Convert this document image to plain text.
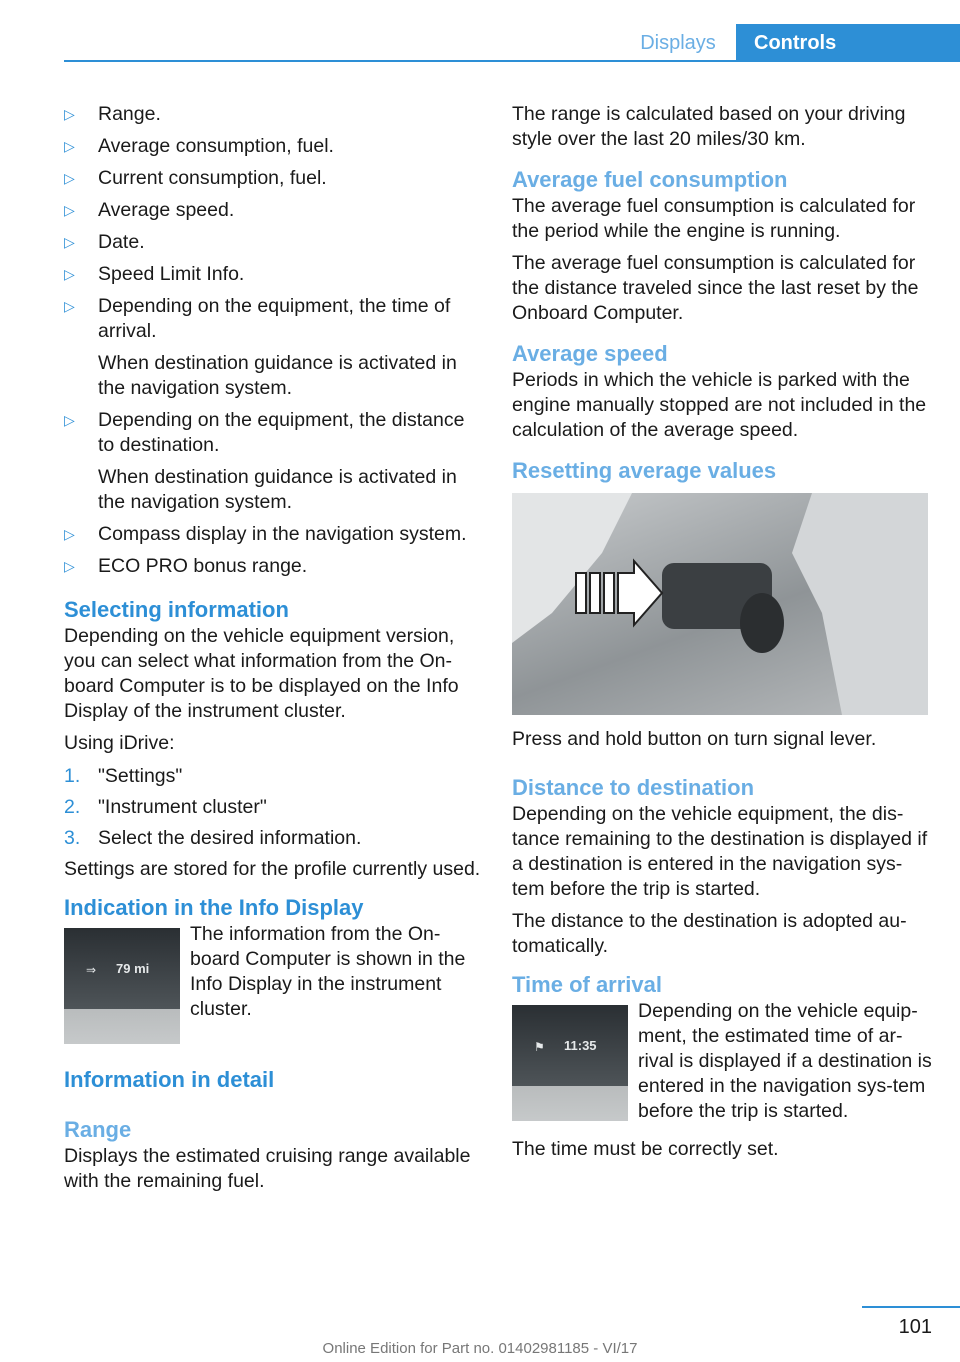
Displays	Controls
▷ Range.
▷ Average consumption, fuel.
▷ Current consumption, fuel.
▷ Average speed.
▷ Date.
▷ Speed Limit Info.
▷ Depending on the equipment, the time of arrival.
When destination guidance is activated in the navigation system.
▷ Depending on the equipment, the distance to destination.
When destination guidance is activated in the navigation system.
▷ Compass display in the navigation system.
▷ ECO PRO bonus range.
Selecting information

Depending on the vehicle equipment version, you can select what information from the On‐board Computer is to be displayed on the Info Display of the instrument cluster.

Using iDrive:

1. "Settings"
2. "Instrument cluster"
3. Select the desired information.

Settings are stored for the profile currently used.

Indication in the Info Display
⇒ 79 mi

The information from the On‐board Computer is shown in the Info Display in the instrument cluster.

Information in detail
Range

Displays the estimated cruising range available with the remaining fuel.

The range is calculated based on your driving style over the last 20 miles/30 km.

Average fuel consumption

The average fuel consumption is calculated for the period while the engine is running.

The average fuel consumption is calculated for the distance traveled since the last reset by the Onboard Computer.

Average speed

Periods in which the vehicle is parked with the engine manually stopped are not included in the calculation of the average speed.

Resetting average values

Press and hold button on turn signal lever.

Distance to destination

Depending on the vehicle equipment, the dis‐tance remaining to the destination is displayed if a destination is entered in the navigation sys‐tem before the trip is started.

The distance to the destination is adopted au‐tomatically.

Time of arrival
⚑ 11:35

Depending on the vehicle equip‐ment, the estimated time of ar‐rival is displayed if a destination is entered in the navigation sys‐tem before the trip is started.

The time must be correctly set.

101
Online Edition for Part no. 01402981185 - VI/17
